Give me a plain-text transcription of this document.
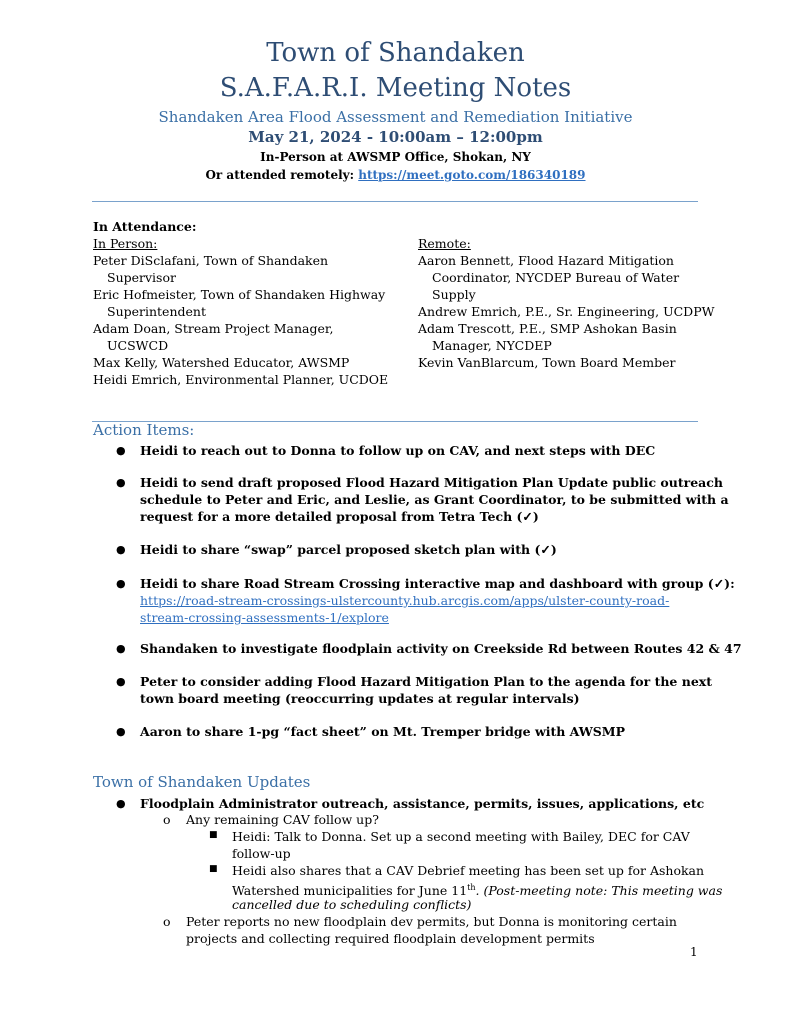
Town of Shandaken
S.A.F.A.R.I. Meeting Notes
Shandaken Area Flood Assessment and Remediation Initiative
May 21, 2024 - 10:00am – 12:00pm
In-Person at AWSMP Office, Shokan, NY
Or attended remotely: https://meet.goto.com/186340189
In Attendance:
In Person:	Remote:
Peter DiSclafani, Town of Shandaken
Supervisor
Eric Hofmeister, Town of Shandaken Highway
Superintendent
Adam Doan, Stream Project Manager,
UCSWCD
Max Kelly, Watershed Educator, AWSMP
Heidi Emrich, Environmental Planner, UCDOE
Aaron Bennett, Flood Hazard Mitigation
Coordinator, NYCDEP Bureau of Water
Supply
Andrew Emrich, P.E., Sr. Engineering, UCDPW
Adam Trescott, P.E., SMP Ashokan Basin
Manager, NYCDEP
Kevin VanBlarcum, Town Board Member
Action Items:
● Heidi to reach out to Donna to follow up on CAV, and next steps with DEC
● Heidi to send draft proposed Flood Hazard Mitigation Plan Update public outreach
schedule to Peter and Eric, and Leslie, as Grant Coordinator, to be submitted with a
request for a more detailed proposal from Tetra Tech (✓)
● Heidi to share “swap” parcel proposed sketch plan with (✓)
● Heidi to share Road Stream Crossing interactive map and dashboard with group (✓):
https://road-stream-crossings-ulstercounty.hub.arcgis.com/apps/ulster-county-road-
stream-crossing-assessments-1/explore
● Shandaken to investigate floodplain activity on Creekside Rd between Routes 42 & 47
● Peter to consider adding Flood Hazard Mitigation Plan to the agenda for the next
town board meeting (reoccurring updates at regular intervals)
● Aaron to share 1-pg “fact sheet” on Mt. Tremper bridge with AWSMP
Town of Shandaken Updates
● Floodplain Administrator outreach, assistance, permits, issues, applications, etc
o Any remaining CAV follow up?
■ Heidi: Talk to Donna. Set up a second meeting with Bailey, DEC for CAV
follow-up
■ Heidi also shares that a CAV Debrief meeting has been set up for Ashokan
Watershed municipalities for June 11th. (Post-meeting note: This meeting was
cancelled due to scheduling conflicts)
o Peter reports no new floodplain dev permits, but Donna is monitoring certain
projects and collecting required floodplain development permits
1
